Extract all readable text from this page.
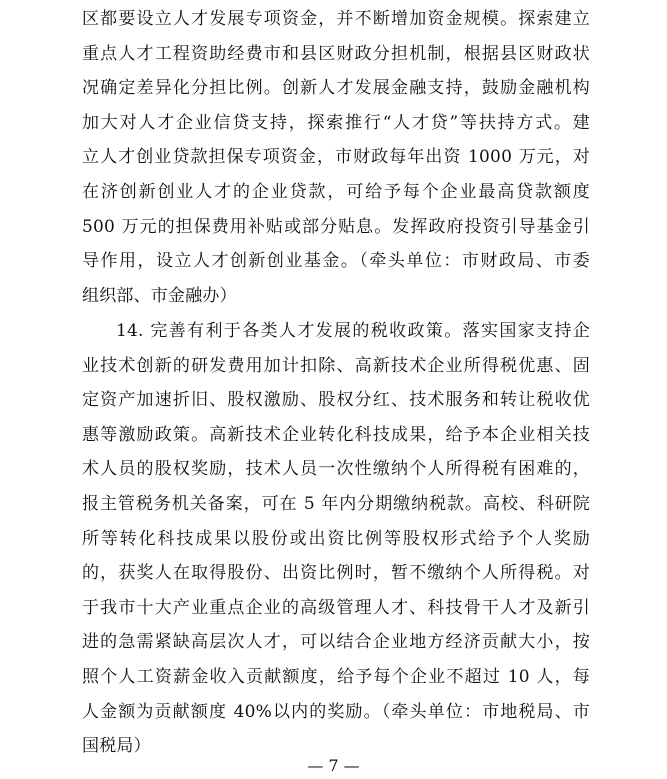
区都要设立人才发展专项资金，并不断增加资金规模。探索建立
重点人才工程资助经费市和县区财政分担机制，根据县区财政状
况确定差异化分担比例。创新人才发展金融支持，鼓励金融机构
加大对人才企业信贷支持，探索推行“人才贷”等扶持方式。建
立人才创业贷款担保专项资金，市财政每年出资 1000 万元，对
在济创新创业人才的企业贷款，可给予每个企业最高贷款额度
500 万元的担保费用补贴或部分贴息。发挥政府投资引导基金引
导作用，设立人才创新创业基金。（牵头单位：市财政局、市委
组织部、市金融办）
14. 完善有利于各类人才发展的税收政策。落实国家支持企
业技术创新的研发费用加计扣除、高新技术企业所得税优惠、固
定资产加速折旧、股权激励、股权分红、技术服务和转让税收优
惠等激励政策。高新技术企业转化科技成果，给予本企业相关技
术人员的股权奖励，技术人员一次性缴纳个人所得税有困难的，
报主管税务机关备案，可在 5 年内分期缴纳税款。高校、科研院
所等转化科技成果以股份或出资比例等股权形式给予个人奖励
的，获奖人在取得股份、出资比例时，暂不缴纳个人所得税。对
于我市十大产业重点企业的高级管理人才、科技骨干人才及新引
进的急需紧缺高层次人才，可以结合企业地方经济贡献大小，按
照个人工资薪金收入贡献额度，给予每个企业不超过 10 人，每
人金额为贡献额度 40%以内的奖励。（牵头单位：市地税局、市
国税局）
— 7 —
